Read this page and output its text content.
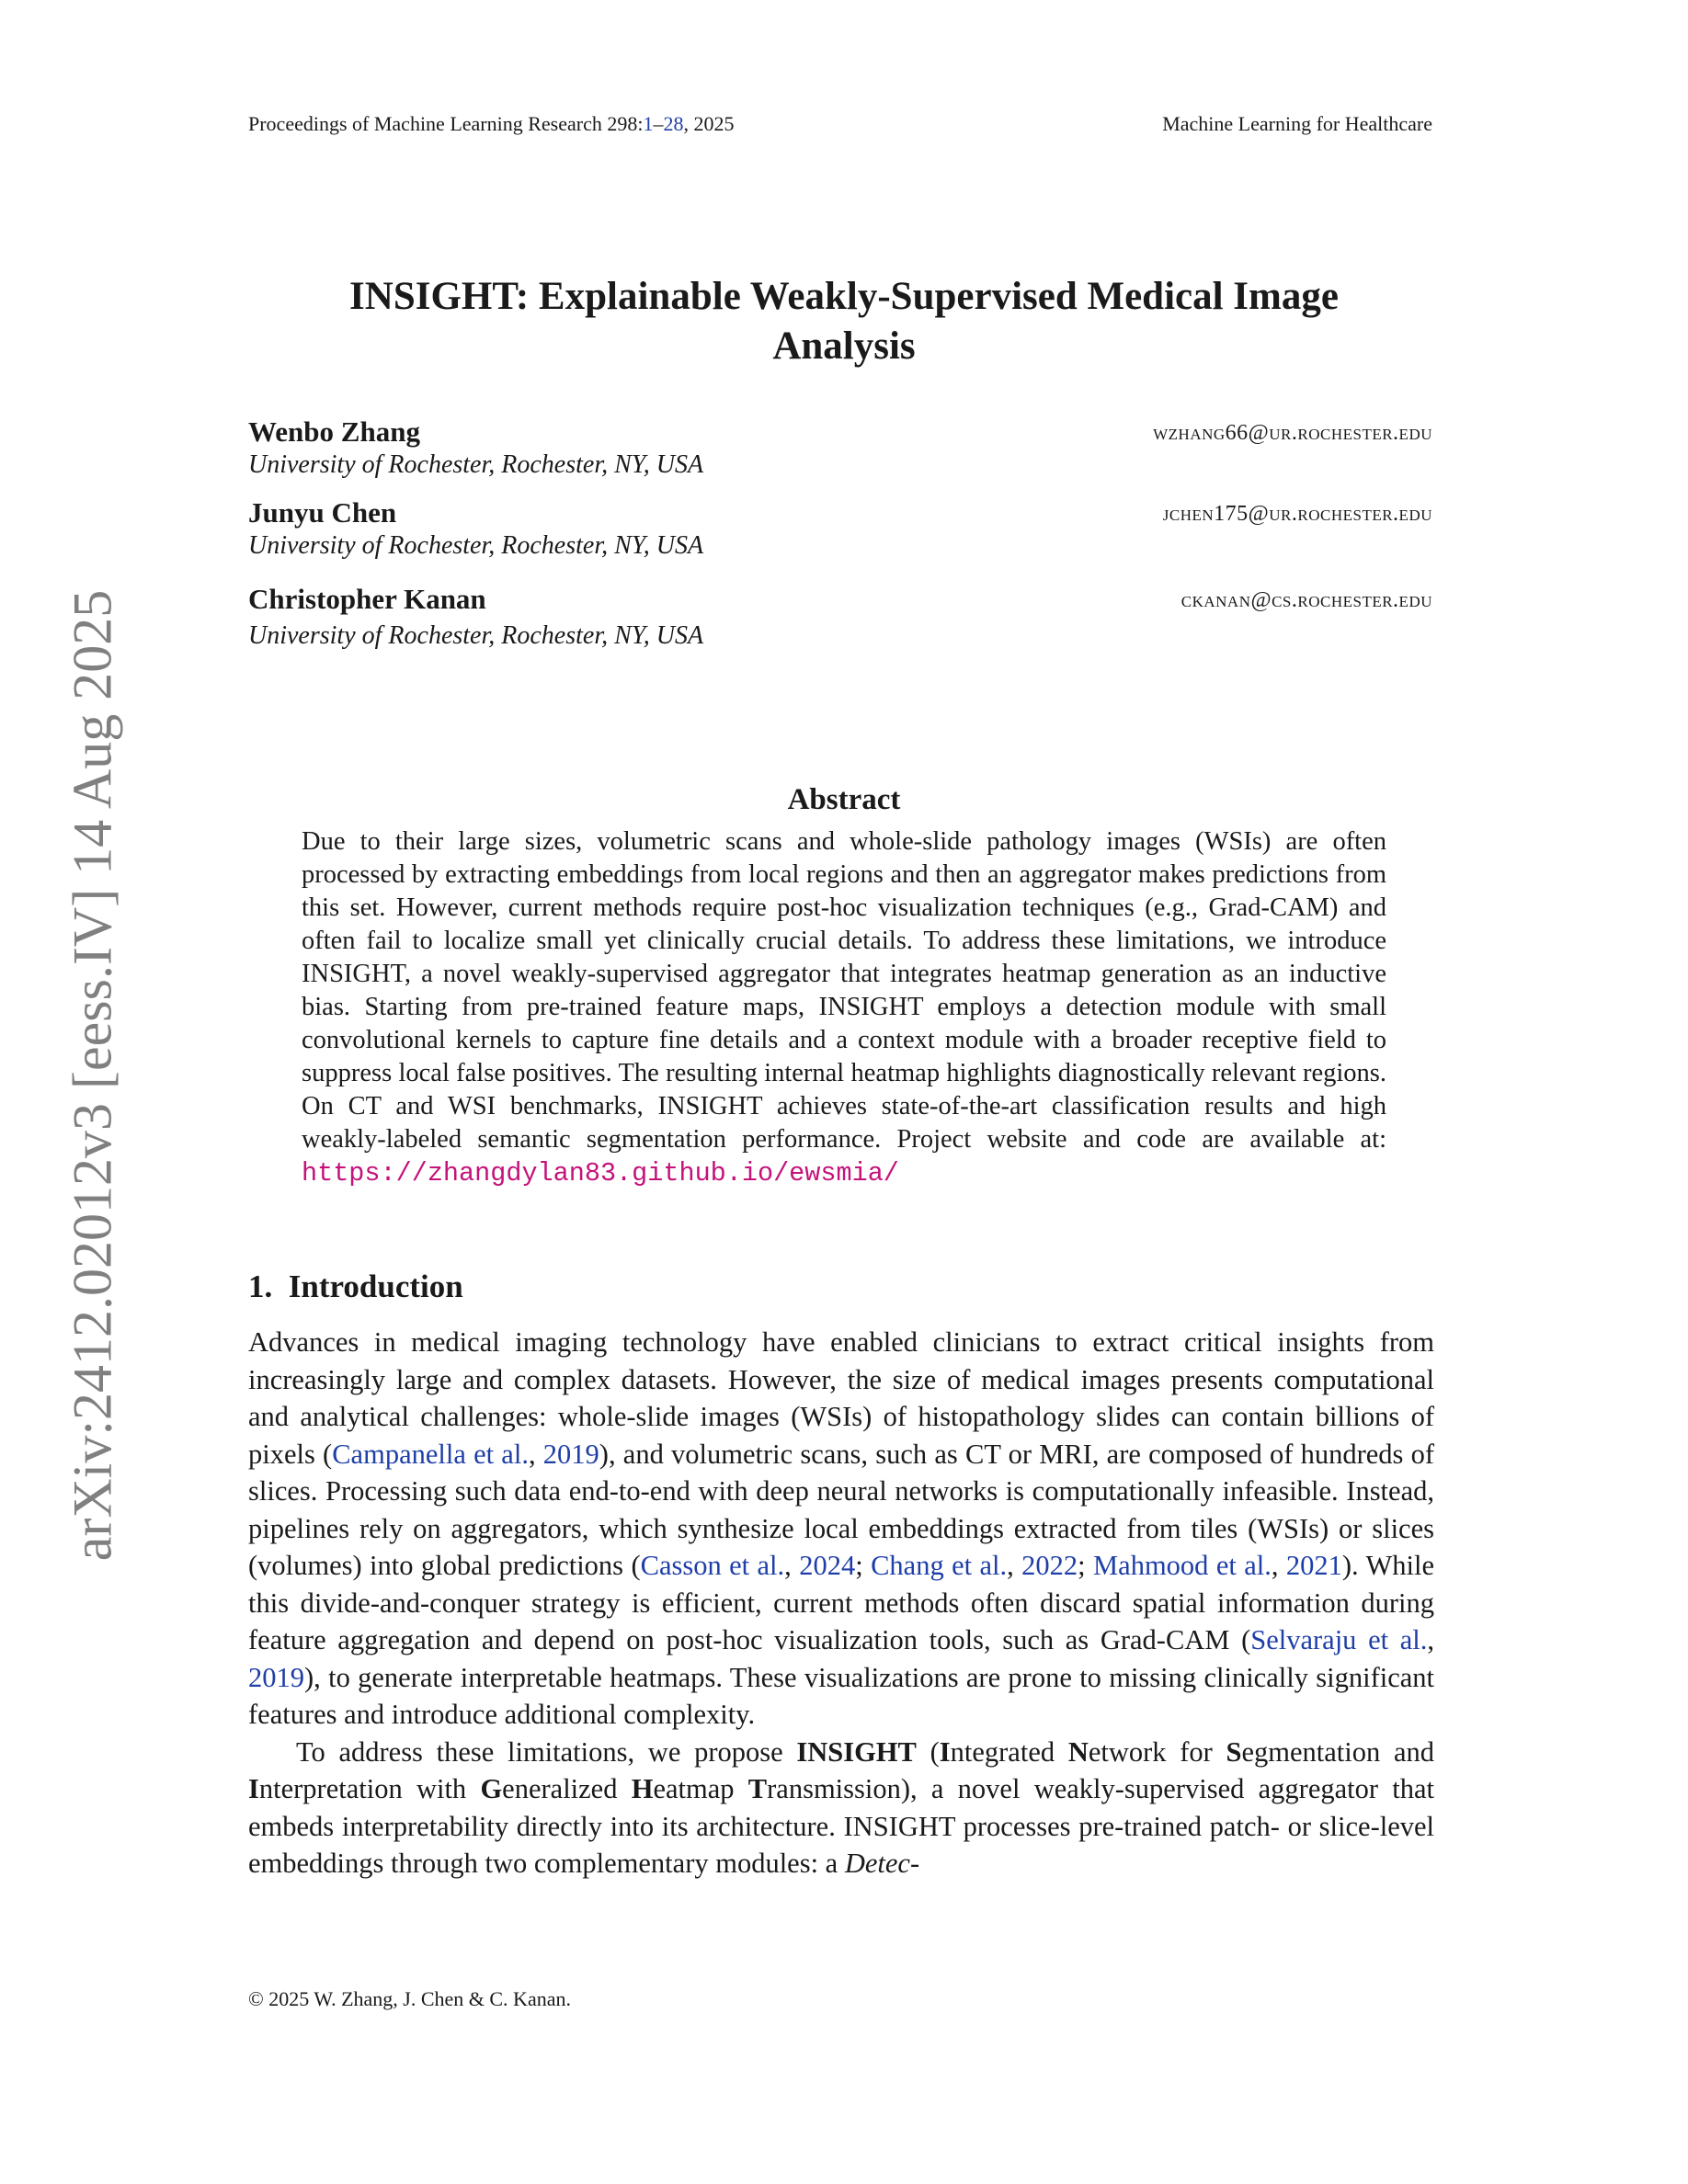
Proceedings of Machine Learning Research 298:1–28, 2025	Machine Learning for Healthcare
arXiv:2412.02012v3 [eess.IV] 14 Aug 2025
INSIGHT: Explainable Weakly-Supervised Medical Image
Analysis
Wenbo Zhang
University of Rochester, Rochester, NY, USA
wzhang66@ur.rochester.edu
Junyu Chen
University of Rochester, Rochester, NY, USA
jchen175@ur.rochester.edu
Christopher Kanan
University of Rochester, Rochester, NY, USA
ckanan@cs.rochester.edu
Abstract
Due to their large sizes, volumetric scans and whole-slide pathology images (WSIs) are often processed by extracting embeddings from local regions and then an aggregator makes predictions from this set. However, current methods require post-hoc visualization techniques (e.g., Grad-CAM) and often fail to localize small yet clinically crucial details. To address these limitations, we introduce INSIGHT, a novel weakly-supervised aggregator that integrates heatmap generation as an inductive bias. Starting from pre-trained feature maps, INSIGHT employs a detection module with small convolutional kernels to capture fine details and a context module with a broader receptive field to suppress local false positives. The resulting internal heatmap highlights diagnostically relevant regions. On CT and WSI benchmarks, INSIGHT achieves state-of-the-art classification results and high weakly-labeled semantic segmentation performance. Project website and code are available at: https://zhangdylan83.github.io/ewsmia/
1. Introduction

Advances in medical imaging technology have enabled clinicians to extract critical insights from increasingly large and complex datasets. However, the size of medical images presents computational and analytical challenges: whole-slide images (WSIs) of histopathology slides can contain billions of pixels (Campanella et al., 2019), and volumetric scans, such as CT or MRI, are composed of hundreds of slices. Processing such data end-to-end with deep neural networks is computationally infeasible. Instead, pipelines rely on aggregators, which synthesize local embeddings extracted from tiles (WSIs) or slices (volumes) into global predictions (Casson et al., 2024; Chang et al., 2022; Mahmood et al., 2021). While this divide-and-conquer strategy is efficient, current methods often discard spatial information during feature aggregation and depend on post-hoc visualization tools, such as Grad-CAM (Selvaraju et al., 2019), to generate interpretable heatmaps. These visualizations are prone to missing clinically significant features and introduce additional complexity.

To address these limitations, we propose INSIGHT (Integrated Network for Segmentation and Interpretation with Generalized Heatmap Transmission), a novel weakly-supervised aggregator that embeds interpretability directly into its architecture. INSIGHT processes pre-trained patch- or slice-level embeddings through two complementary modules: a Detec-

© 2025 W. Zhang, J. Chen & C. Kanan.
